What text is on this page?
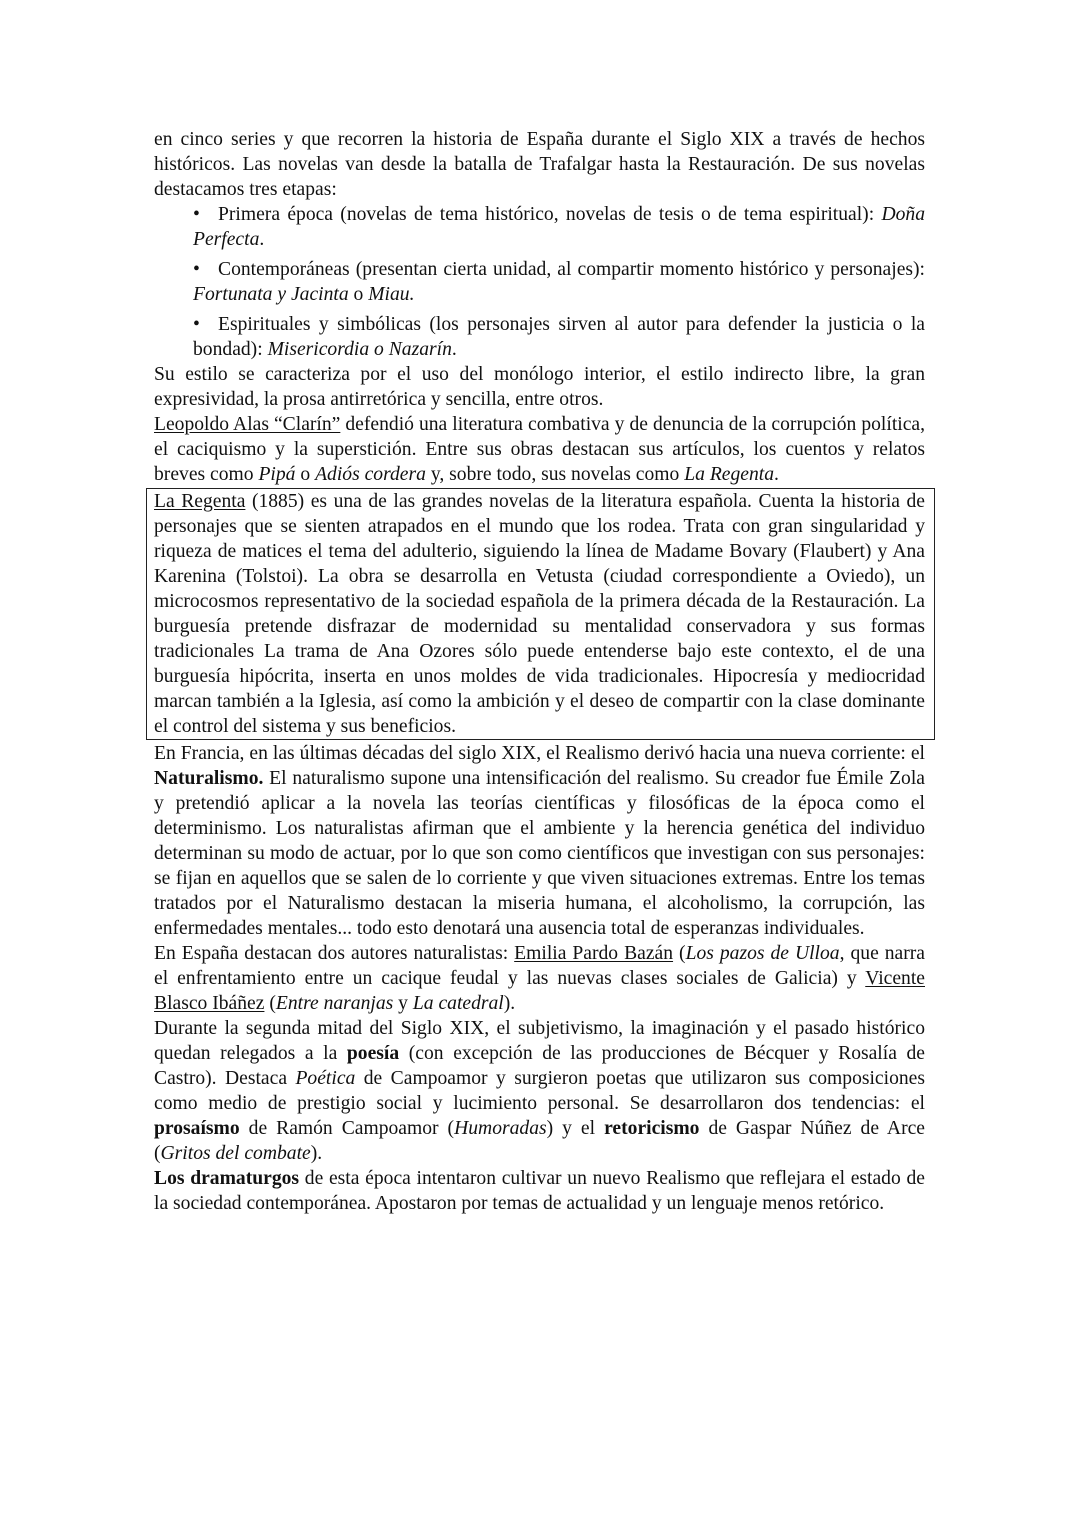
en cinco series y que recorren la historia de España durante el Siglo XIX a través de hechos históricos. Las novelas van desde la batalla de Trafalgar hasta la Restauración. De sus novelas destacamos tres etapas:

• Primera época (novelas de tema histórico, novelas de tesis o de tema espiritual): Doña Perfecta.
• Contemporáneas (presentan cierta unidad, al compartir momento histórico y personajes): Fortunata y Jacinta o Miau.
• Espirituales y simbólicas (los personajes sirven al autor para defender la justicia o la bondad): Misericordia o Nazarín.

Su estilo se caracteriza por el uso del monólogo interior, el estilo indirecto libre, la gran expresividad, la prosa antirretórica y sencilla, entre otros.

Leopoldo Alas “Clarín” defendió una literatura combativa y de denuncia de la corrupción política, el caciquismo y la superstición. Entre sus obras destacan sus artículos, los cuentos y relatos breves como Pipá o Adiós cordera y, sobre todo, sus novelas como La Regenta.

La Regenta (1885) es una de las grandes novelas de la literatura española. Cuenta la historia de personajes que se sienten atrapados en el mundo que los rodea. Trata con gran singularidad y riqueza de matices el tema del adulterio, siguiendo la línea de Madame Bovary (Flaubert) y Ana Karenina (Tolstoi). La obra se desarrolla en Vetusta (ciudad correspondiente a Oviedo), un microcosmos representativo de la sociedad española de la primera década de la Restauración. La burguesía pretende disfrazar de modernidad su mentalidad conservadora y sus formas tradicionales La trama de Ana Ozores sólo puede entenderse bajo este contexto, el de una burguesía hipócrita, inserta en unos moldes de vida tradicionales. Hipocresía y mediocridad marcan también a la Iglesia, así como la ambición y el deseo de compartir con la clase dominante el control del sistema y sus beneficios.

En Francia, en las últimas décadas del siglo XIX, el Realismo derivó hacia una nueva corriente: el Naturalismo. El naturalismo supone una intensificación del realismo. Su creador fue Émile Zola y pretendió aplicar a la novela las teorías científicas y filosóficas de la época como el determinismo. Los naturalistas afirman que el ambiente y la herencia genética del individuo determinan su modo de actuar, por lo que son como científicos que investigan con sus personajes: se fijan en aquellos que se salen de lo corriente y que viven situaciones extremas. Entre los temas tratados por el Naturalismo destacan la miseria humana, el alcoholismo, la corrupción, las enfermedades mentales... todo esto denotará una ausencia total de esperanzas individuales.

En España destacan dos autores naturalistas: Emilia Pardo Bazán (Los pazos de Ulloa, que narra el enfrentamiento entre un cacique feudal y las nuevas clases sociales de Galicia) y Vicente Blasco Ibáñez (Entre naranjas y La catedral).

Durante la segunda mitad del Siglo XIX, el subjetivismo, la imaginación y el pasado histórico quedan relegados a la poesía (con excepción de las producciones de Bécquer y Rosalía de Castro). Destaca Poética de Campoamor y surgieron poetas que utilizaron sus composiciones como medio de prestigio social y lucimiento personal. Se desarrollaron dos tendencias: el prosaísmo de Ramón Campoamor (Humoradas) y el retoricismo de Gaspar Núñez de Arce (Gritos del combate).

Los dramaturgos de esta época intentaron cultivar un nuevo Realismo que reflejara el estado de la sociedad contemporánea. Apostaron por temas de actualidad y un lenguaje menos retórico.
